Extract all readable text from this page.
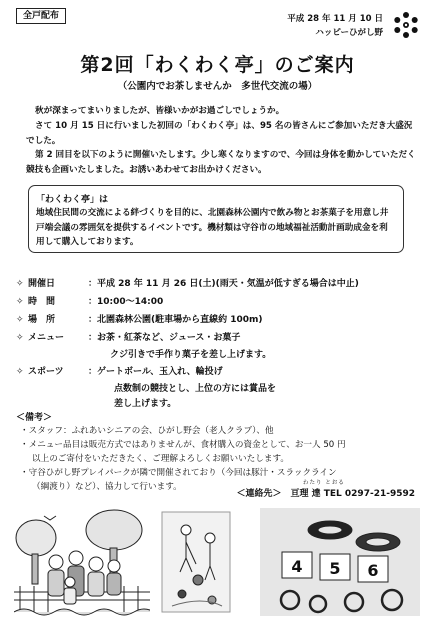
全戸配布	平成 28 年 11 月 10 日
ハッピーひがし野
第2回「わくわく亭」のご案内
（公園内でお茶しませんか　多世代交流の場）
秋が深まってまいりましたが、皆様いかがお過ごしでしょうか。
さて 10 月 15 日に行いました初回の「わくわく亭」は、95 名の皆さんにご参加いただき大盛況でした。
第 2 回目を以下のように開催いたします。少し寒くなりますので、今回は身体を動かしていただく競技も企画いたしました。お誘いあわせてお出かけください。
「わくわく亭」は
地域住民間の交流による絆づくりを目的に、北園森林公園内で飲み物とお茶菓子を用意し井戸端会議の雰囲気を提供するイベントです。機材類は守谷市の地域福祉活動計画助成金を利用して購入しております。
✧ 開催日	：平成 28 年 11 月 26 日(土)(雨天・気温が低すぎる場合は中止)
✧ 時　間	：10:00～14:00
✧ 場　所	：北園森林公園(駐車場から直線約 100m)
✧ メニュー	：お茶・紅茶など、ジュース・お菓子
クジ引きで手作り菓子を差し上げます。
✧ スポーツ	：ゲートボール、玉入れ、輪投げ
点数制の競技とし、上位の方には賞品を
差し上げます。
＜備考＞
・スタッフ：ふれあいシニアの会、ひがし野会（老人クラブ）、他
・メニュー品目は販売方式ではありませんが、食材購入の資金として、お一人 50 円
以上のご寄付をいただきたく、ご理解よろしくお願いいたします。
・守谷ひがし野プレイパークが隣で開催されており（今回は豚汁・スラックライン
（綱渡り）など）、協力して行います。	わたり とおる
＜連絡先＞　亘理 達 TEL 0297-21-9592
4 5 6
